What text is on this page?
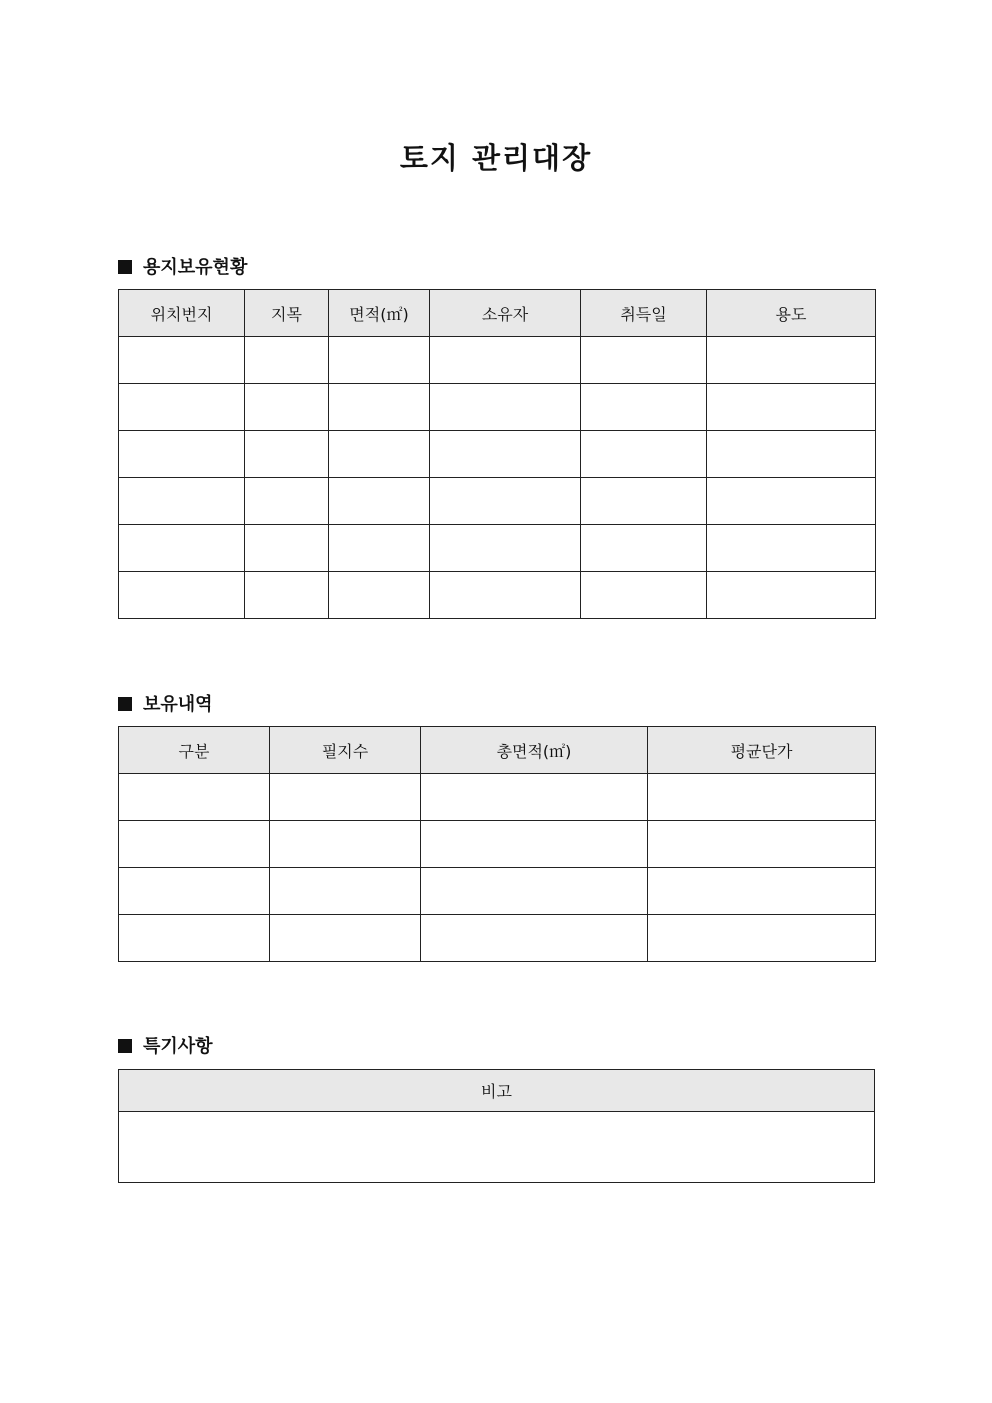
토지 관리대장
용지보유현황
위치번지	지목	면적(㎡)	소유자	취득일	용도

보유내역
구분	필지수	총면적(㎡)	평균단가

특기사항
비고
